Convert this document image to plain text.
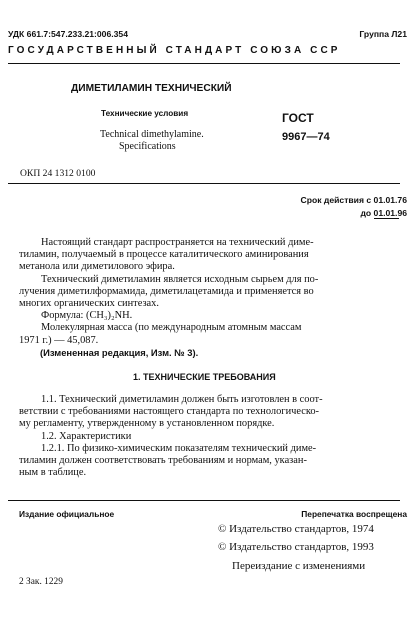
УДК 661.7:547.233.21:006.354	Группа Л21
ГОСУДАРСТВЕННЫЙ СТАНДАРТ СОЮЗА ССР
ДИМЕТИЛАМИН ТЕХНИЧЕСКИЙ
Технические условия
Technical dimethylamine.
Specifications
ГОСТ
9967—74
ОКП 24 1312 0100
Срок действия с 01.01.76
до 01.01.96
Настоящий стандарт распространяется на технический диме-
тиламин, получаемый в процессе каталитического аминирования
метанола или диметилового эфира.
Технический диметиламин является исходным сырьем для по-
лучения диметилформамида, диметилацетамида и применяется во
многих органических синтезах.
Формула: (CH₃)₂NH.
Молекулярная масса (по международным атомным массам
1971 г.) — 45,087.
(Измененная редакция, Изм. № 3).
1. ТЕХНИЧЕСКИЕ ТРЕБОВАНИЯ
1.1. Технический диметиламин должен быть изготовлен в соот-
ветствии с требованиями настоящего стандарта по технологическо-
му регламенту, утвержденному в установленном порядке.
1.2. Характеристики
1.2.1. По физико-химическим показателям технический диме-
тиламин должен соответствовать требованиям и нормам, указан-
ным в таблице.
Издание официальное	Перепечатка воспрещена
© Издательство стандартов, 1974
© Издательство стандартов, 1993
Переиздание с изменениями
2 Зак. 1229
